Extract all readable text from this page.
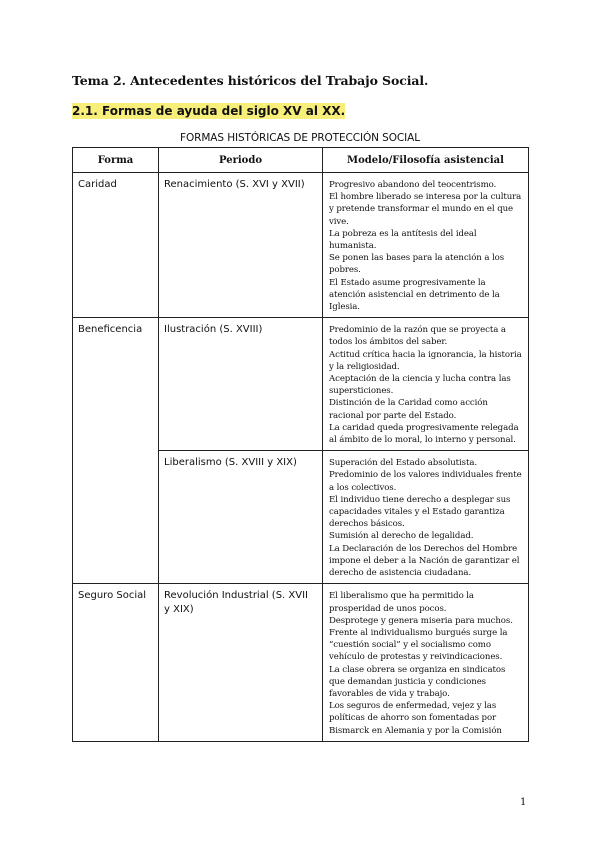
Tema 2. Antecedentes históricos del Trabajo Social.
2.1. Formas de ayuda del siglo XV al XX.

FORMAS HISTÓRICAS DE PROTECCIÓN SOCIAL

Forma	Periodo	Modelo/Filosofía asistencial
Caridad	Renacimiento (S. XVI y XVII)	Progresivo abandono del teocentrismo.

El hombre liberado se interesa por la cultura y pretende transformar el mundo en el que vive.

La pobreza es la antítesis del ideal humanista.

Se ponen las bases para la atención a los pobres.

El Estado asume progresivamente la atención asistencial en detrimento de la Iglesia.

Beneficencia	Ilustración (S. XVIII)	Predominio de la razón que se proyecta a todos los ámbitos del saber.

Actitud crítica hacia la ignorancia, la historia y la religiosidad.

Aceptación de la ciencia y lucha contra las supersticiones.

Distinción de la Caridad como acción racional por parte del Estado.

La caridad queda progresivamente relegada al ámbito de lo moral, lo interno y personal.

	Liberalismo (S. XVIII y XIX)	Superación del Estado absolutista.

Predominio de los valores individuales frente a los colectivos.

El individuo tiene derecho a desplegar sus capacidades vitales y el Estado garantiza derechos básicos.

Sumisión al derecho de legalidad.

La Declaración de los Derechos del Hombre impone el deber a la Nación de garantizar el derecho de asistencia ciudadana.

Seguro Social	Revolución Industrial (S. XVII y XIX)	El liberalismo que ha permitido la prosperidad de unos pocos.

Desprotege y genera miseria para muchos. Frente al individualismo burgués surge la “cuestión social” y el socialismo como vehículo de protestas y reivindicaciones.

La clase obrera se organiza en sindicatos que demandan justicia y condiciones favorables de vida y trabajo.

Los seguros de enfermedad, vejez y las políticas de ahorro son fomentadas por Bismarck en Alemania y por la Comisión

1
